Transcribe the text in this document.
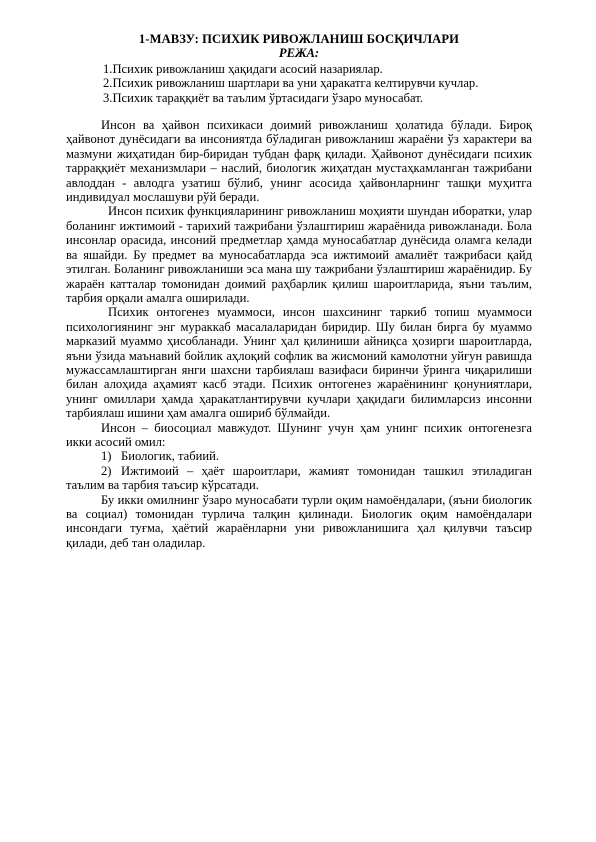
1-МАВЗУ: ПСИХИК РИВОЖЛАНИШ БОСҚИЧЛАРИ

РЕЖА:

1.Психик ривожланиш ҳақидаги асосий назариялар.

2.Психик ривожланиш шартлари ва уни ҳаракатга келтирувчи кучлар.

3.Психик тараққиёт ва таълим ўртасидаги ўзаро муносабат.

Инсон ва ҳайвон психикаси доимий ривожланиш ҳолатида бўлади. Бироқ ҳайвонот дунёсидаги ва инсониятда бўладиган ривожланиш жараёни ўз характери ва мазмуни жиҳатидан бир-биридан тубдан фарқ қилади. Ҳайвонот дунёсидаги психик тарраққиёт механизмлари – наслий, биологик жиҳатдан мустаҳкамланган тажрибани авлоддан - авлодга узатиш бўлиб, унинг асосида ҳайвонларнинг ташқи муҳитга индивидуал мослашуви рўй беради.

Инсон психик функцияларининг ривожланиш моҳияти шундан иборатки, улар боланинг ижтимоий - тарихий тажрибани ўзлаштириш жараёнида ривожланади. Бола инсонлар орасида, инсоний предметлар ҳамда муносабатлар дунёсида оламга келади ва яшайди. Бу предмет ва муносабатларда эса ижтимоий амалиёт тажрибаси қайд этилган. Боланинг ривожланиши эса мана шу тажрибани ўзлаштириш жараёнидир. Бу жараён катталар томонидан доимий раҳбарлик қилиш шароитларида, яъни таълим, тарбия орқали амалга оширилади.

Психик онтогенез муаммоси, инсон шахсининг таркиб топиш муаммоси психологиянинг энг мураккаб масалаларидан биридир. Шу билан бирга бу муаммо марказий муаммо ҳисобланади. Унинг ҳал қилиниши айниқса ҳозирги шароитларда, яъни ўзида маънавий бойлик аҳлоқий софлик ва жисмоний камолотни уйғун равишда мужассамлаштирган янги шахсни тарбиялаш вазифаси биринчи ўринга чиқарилиши билан алоҳида аҳамият касб этади. Психик онтогенез жараёнининг қонуниятлари, унинг омиллари ҳамда ҳаракатлантирувчи кучлари ҳақидаги билимларсиз инсонни тарбиялаш ишини ҳам амалга ошириб бўлмайди.

Инсон – биосоциал мавжудот. Шунинг учун ҳам унинг психик онтогенезга икки асосий омил:

1) Биологик, табиий.

2) Ижтимоий – ҳаёт шароитлари, жамият томонидан ташкил этиладиган таълим ва тарбия таъсир кўрсатади.

Бу икки омилнинг ўзаро муносабати турли оқим намоёндалари, (яъни биологик ва социал) томонидан турлича талқин қилинади. Биологик оқим намоёндалари инсондаги туғма, ҳаётий жараёнларни уни ривожланишига ҳал қилувчи таъсир қилади, деб тан оладилар.
